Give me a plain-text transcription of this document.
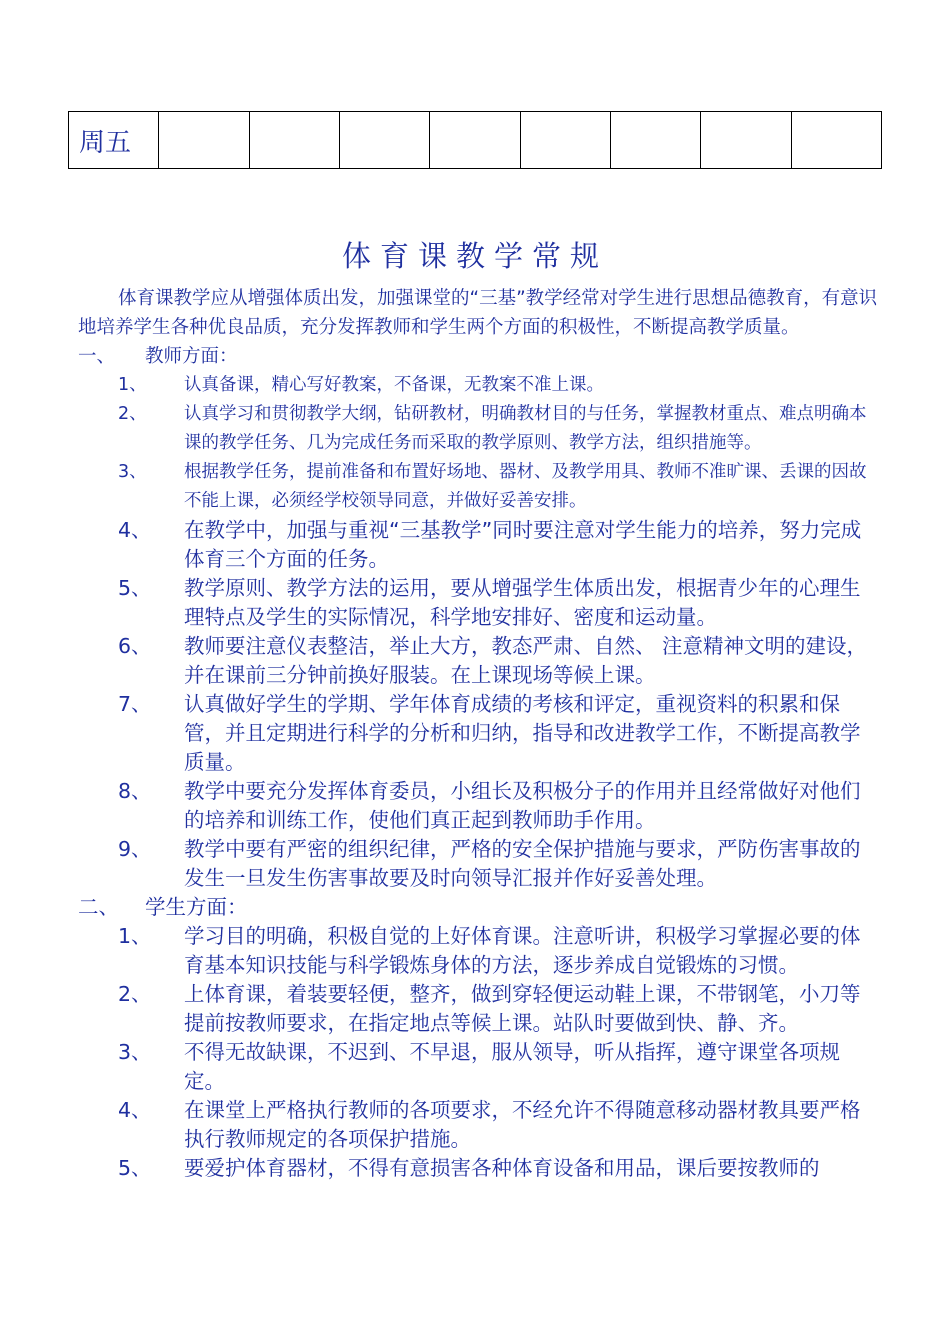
周五								
体育课教学常规

体育课教学应从增强体质出发，加强课堂的“三基”教学经常对学生进行思想品德教育，有意识地培养学生各种优良品质，充分发挥教师和学生两个方面的积极性，不断提高教学质量。

一、	教师方面：
1、	认真备课，精心写好教案，不备课，无教案不准上课。
2、	认真学习和贯彻教学大纲，钻研教材，明确教材目的与任务，掌握教材重点、难点明确本课的教学任务、几为完成任务而采取的教学原则、教学方法，组织措施等。
3、	根据教学任务，提前准备和布置好场地、器材、及教学用具、教师不准旷课、丢课的因故不能上课，必须经学校领导同意，并做好妥善安排。
4、	在教学中，加强与重视“三基教学”同时要注意对学生能力的培养，努力完成体育三个方面的任务。
5、	教学原则、教学方法的运用，要从增强学生体质出发，根据青少年的心理生理特点及学生的实际情况，科学地安排好、密度和运动量。
6、	教师要注意仪表整洁，举止大方，教态严肃、自然、 注意精神文明的建设，并在课前三分钟前换好服装。在上课现场等候上课。
7、	认真做好学生的学期、学年体育成绩的考核和评定，重视资料的积累和保管，并且定期进行科学的分析和归纳，指导和改进教学工作，不断提高教学质量。
8、	教学中要充分发挥体育委员，小组长及积极分子的作用并且经常做好对他们的培养和训练工作，使他们真正起到教师助手作用。
9、	教学中要有严密的组织纪律，严格的安全保护措施与要求，严防伤害事故的发生一旦发生伤害事故要及时向领导汇报并作好妥善处理。
二、	学生方面：
1、	学习目的明确，积极自觉的上好体育课。注意听讲，积极学习掌握必要的体育基本知识技能与科学锻炼身体的方法，逐步养成自觉锻炼的习惯。
2、	上体育课，着装要轻便，整齐，做到穿轻便运动鞋上课，不带钢笔，小刀等提前按教师要求，在指定地点等候上课。站队时要做到快、静、齐。
3、	不得无故缺课，不迟到、不早退，服从领导，听从指挥，遵守课堂各项规定。
4、	在课堂上严格执行教师的各项要求，不经允许不得随意移动器材教具要严格执行教师规定的各项保护措施。
5、	要爱护体育器材，不得有意损害各种体育设备和用品，课后要按教师的
